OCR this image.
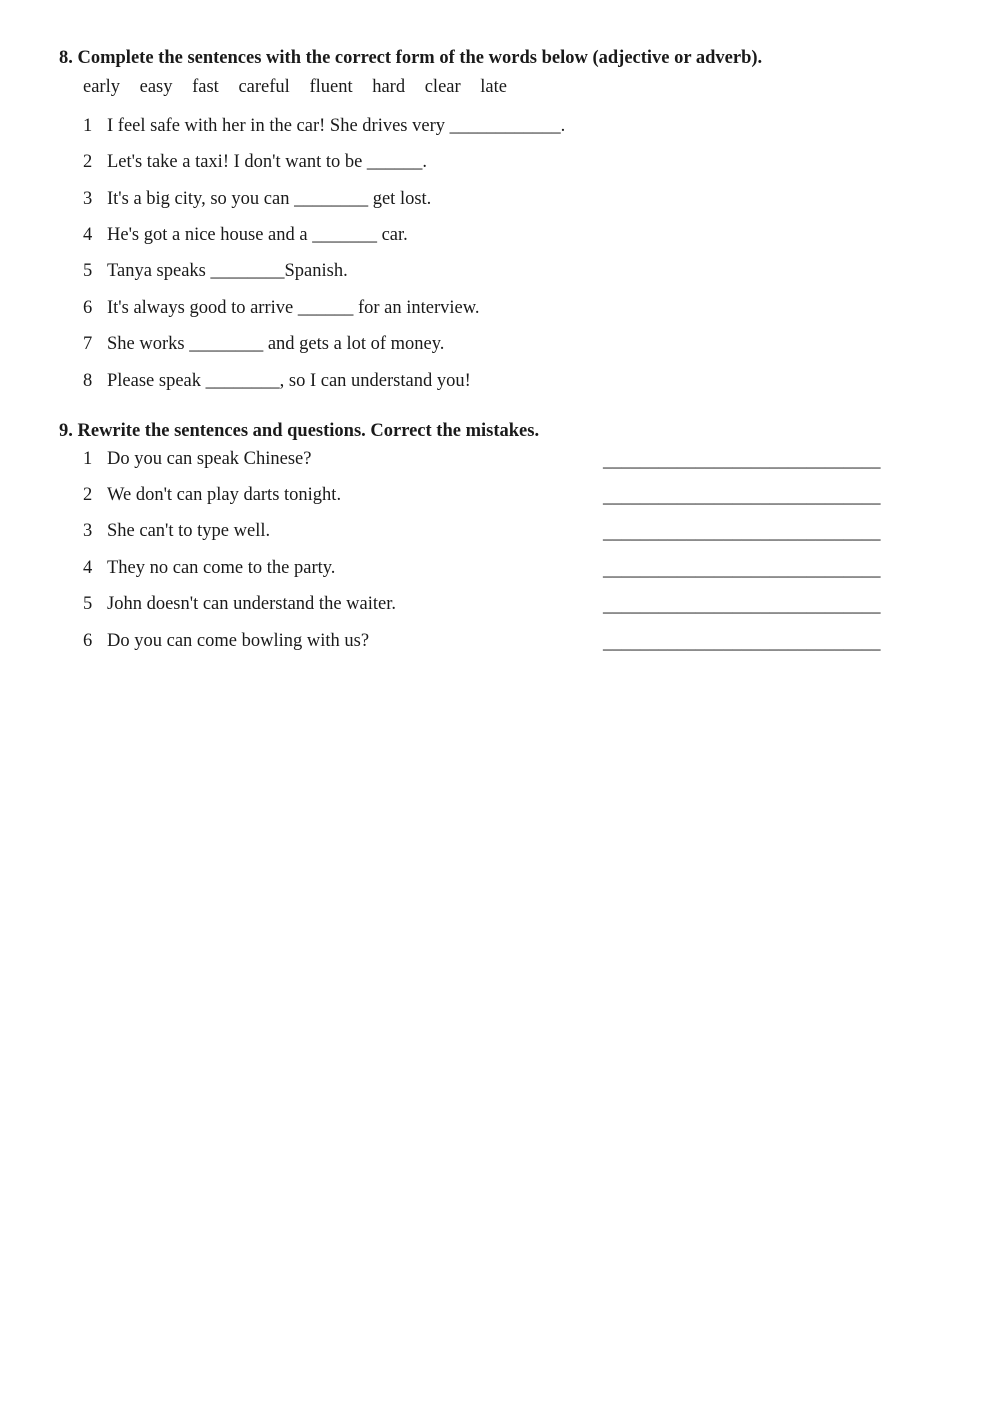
8. Complete the sentences with the correct form of the words below (adjective or adverb).
early easy fast careful fluent hard clear late
1 I feel safe with her in the car! She drives very ____________.
2 Let's take a taxi! I don't want to be ______.
3 It's a big city, so you can ________ get lost.
4 He's got a nice house and a _______ car.
5 Tanya speaks ________Spanish.
6 It's always good to arrive ______ for an interview.
7 She works ________ and gets a lot of money.
8 Please speak ________, so I can understand you!
9. Rewrite the sentences and questions. Correct the mistakes.
1 Do you can speak Chinese?	______________________________
2 We don't can play darts tonight.	______________________________
3 She can't to type well.	______________________________
4 They no can come to the party.	______________________________
5 John doesn't can understand the waiter.	______________________________
6 Do you can come bowling with us?	______________________________
